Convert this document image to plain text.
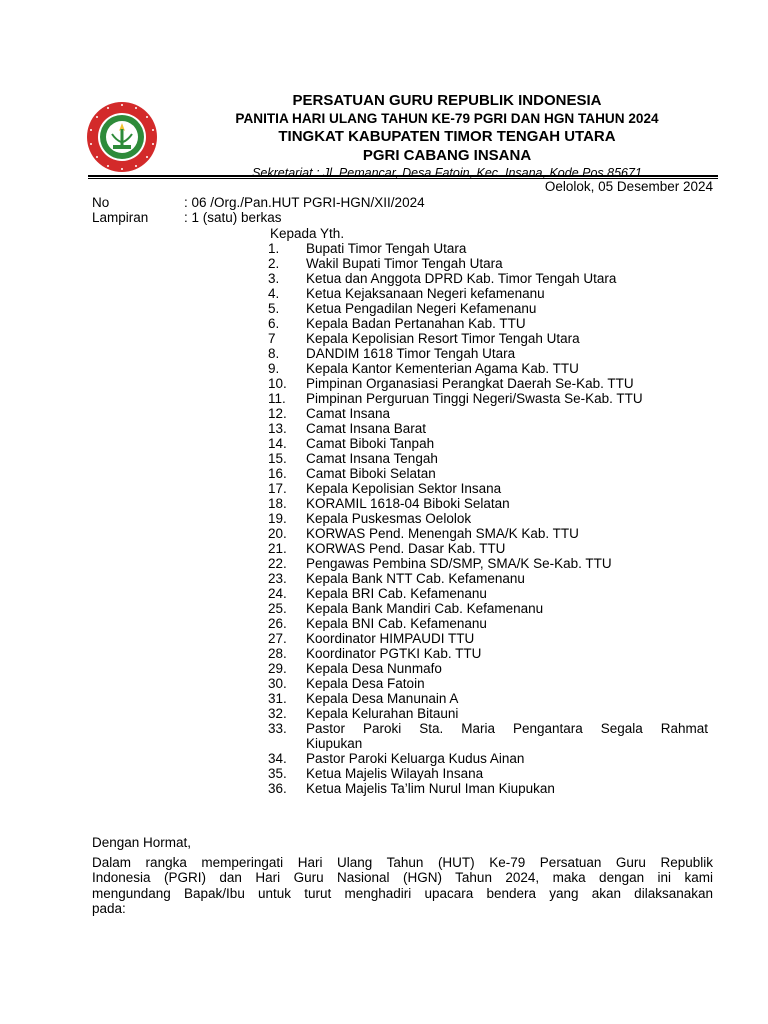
PERSATUAN GURU REPUBLIK INDONESIA
PANITIA HARI ULANG TAHUN KE-79 PGRI DAN HGN TAHUN 2024
TINGKAT KABUPATEN TIMOR TENGAH UTARA
PGRI CABANG INSANA
Sekretariat : Jl. Pemancar, Desa Fatoin, Kec. Insana, Kode Pos 85671
Oelolok, 05 Desember 2024
No	: 06 /Org./Pan.HUT PGRI-HGN/XII/2024
Lampiran	: 1 (satu) berkas
Kepada Yth.
1.	Bupati Timor Tengah Utara
2.	Wakil Bupati Timor Tengah Utara
3.	Ketua dan Anggota DPRD Kab. Timor Tengah Utara
4.	Ketua Kejaksanaan Negeri kefamenanu
5.	Ketua Pengadilan Negeri Kefamenanu
6.	Kepala Badan Pertanahan Kab. TTU
7	Kepala Kepolisian Resort Timor Tengah Utara
8.	DANDIM 1618 Timor Tengah Utara
9.	Kepala Kantor Kementerian Agama Kab. TTU
10.	Pimpinan Organasiasi Perangkat Daerah Se-Kab. TTU
11.	Pimpinan Perguruan Tinggi Negeri/Swasta Se-Kab. TTU
12.	Camat Insana
13.	Camat Insana Barat
14.	Camat Biboki Tanpah
15.	Camat Insana Tengah
16.	Camat Biboki Selatan
17.	Kepala Kepolisian Sektor Insana
18.	KORAMIL 1618-04 Biboki Selatan
19.	Kepala Puskesmas Oelolok
20.	KORWAS Pend. Menengah SMA/K Kab. TTU
21.	KORWAS Pend. Dasar Kab. TTU
22.	Pengawas Pembina SD/SMP, SMA/K Se-Kab. TTU
23.	Kepala Bank NTT Cab. Kefamenanu
24.	Kepala BRI Cab. Kefamenanu
25.	Kepala Bank Mandiri Cab. Kefamenanu
26.	Kepala BNI Cab. Kefamenanu
27.	Koordinator HIMPAUDI TTU
28.	Koordinator PGTKI Kab. TTU
29.	Kepala Desa Nunmafo
30.	Kepala Desa Fatoin
31.	Kepala Desa Manunain A
32.	Kepala Kelurahan Bitauni
33.	Pastor Paroki Sta. Maria Pengantara Segala Rahmat
Kiupukan
34.	Pastor Paroki Keluarga Kudus Ainan
35.	Ketua Majelis Wilayah Insana
36.	Ketua Majelis Ta’lim Nurul Iman Kiupukan
Dengan Hormat,
Dalam rangka memperingati Hari Ulang Tahun (HUT) Ke-79 Persatuan Guru Republik
Indonesia (PGRI) dan Hari Guru Nasional (HGN) Tahun 2024, maka dengan ini kami
mengundang Bapak/Ibu untuk turut menghadiri upacara bendera yang akan dilaksanakan
pada:
